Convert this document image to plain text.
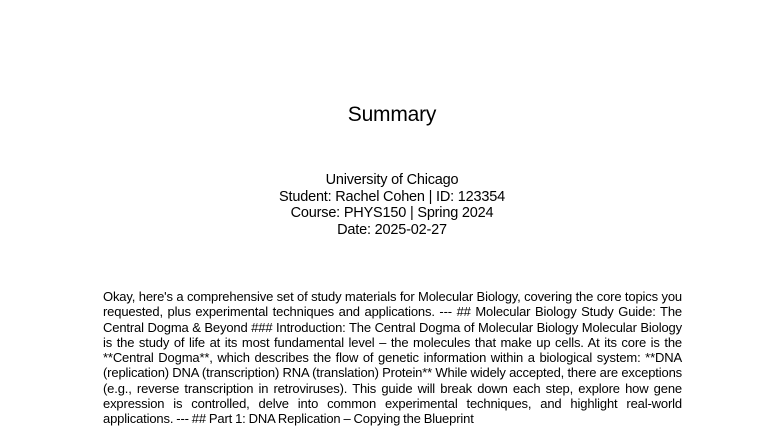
Summary
University of Chicago
Student: Rachel Cohen | ID: 123354
Course: PHYS150 | Spring 2024
Date: 2025-02-27
Okay, here's a comprehensive set of study materials for Molecular Biology, covering the core topics you requested, plus experimental techniques and applications. --- ## Molecular Biology Study Guide: The Central Dogma & Beyond ### Introduction: The Central Dogma of Molecular Biology Molecular Biology is the study of life at its most fundamental level – the molecules that make up cells. At its core is the **Central Dogma**, which describes the flow of genetic information within a biological system: **DNA (replication) DNA (transcription) RNA (translation) Protein** While widely accepted, there are exceptions (e.g., reverse transcription in retroviruses). This guide will break down each step, explore how gene expression is controlled, delve into common experimental techniques, and highlight real-world applications. --- ## Part 1: DNA Replication – Copying the Blueprint
